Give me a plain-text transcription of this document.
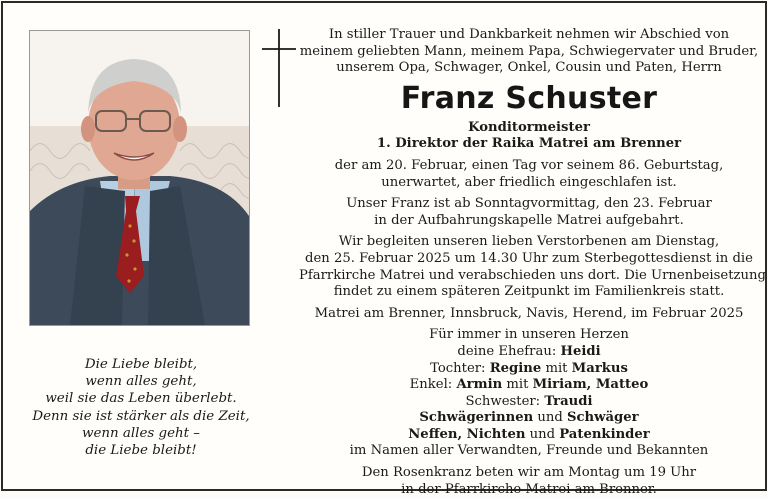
In stiller Trauer und Dankbarkeit nehmen wir Abschied von
meinem geliebten Mann, meinem Papa, Schwiegervater und Bruder,
unserem Opa, Schwager, Onkel, Cousin und Paten, Herrn
Franz Schuster
Konditormeister
1. Direktor der Raika Matrei am Brenner
der am 20. Februar, einen Tag vor seinem 86. Geburtstag,
unerwartet, aber friedlich eingeschlafen ist.
Unser Franz ist ab Sonntagvormittag, den 23. Februar
in der Aufbahrungskapelle Matrei aufgebahrt.
Wir begleiten unseren lieben Verstorbenen am Dienstag,
den 25. Februar 2025 um 14.30 Uhr zum Sterbegottesdienst in die
Pfarrkirche Matrei und verabschieden uns dort. Die Urnenbeisetzung
findet zu einem späteren Zeitpunkt im Familienkreis statt.
Matrei am Brenner, Innsbruck, Navis, Herend, im Februar 2025
Für immer in unseren Herzen
deine Ehefrau: Heidi
Tochter: Regine mit Markus
Enkel: Armin mit Miriam, Matteo
Schwester: Traudi
Schwägerinnen und Schwäger
Neffen, Nichten und Patenkinder
im Namen aller Verwandten, Freunde und Bekannten
Den Rosenkranz beten wir am Montag um 19 Uhr
in der Pfarrkirche Matrei am Brenner.
Die Liebe bleibt,
wenn alles geht,
weil sie das Leben überlebt.
Denn sie ist stärker als die Zeit,
wenn alles geht –
die Liebe bleibt!
